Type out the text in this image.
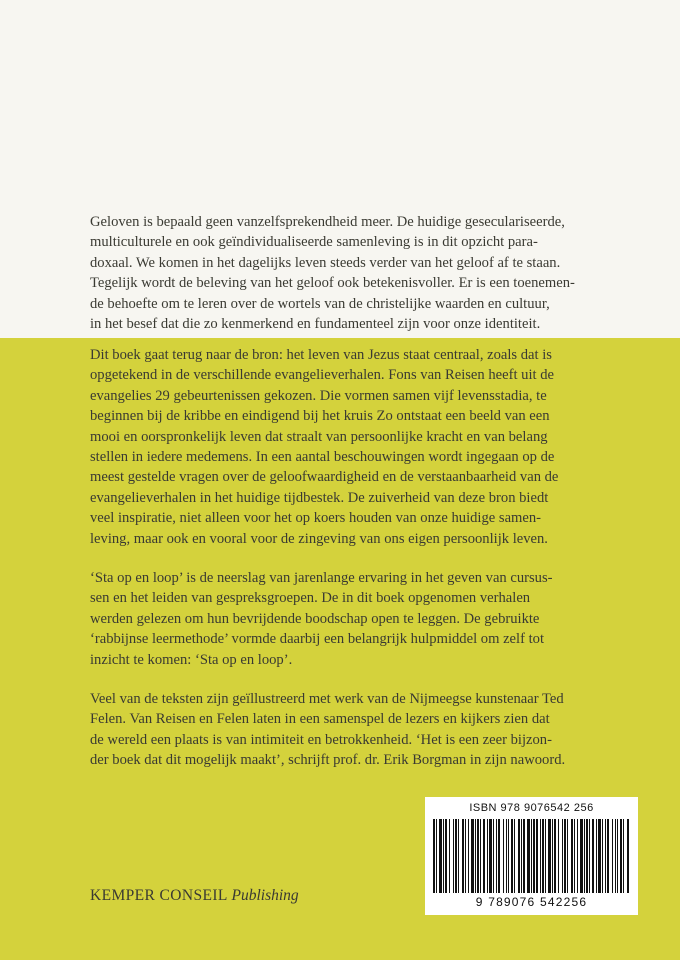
Geloven is bepaald geen vanzelfsprekendheid meer. De huidige geseculariseerde,
multiculturele en ook geïndividualiseerde samenleving is in dit opzicht para-
doxaal. We komen in het dagelijks leven steeds verder van het geloof af te staan.
Tegelijk wordt de beleving van het geloof ook betekenisvoller. Er is een toenemen-
de behoefte om te leren over de wortels van de christelijke waarden en cultuur,
in het besef dat die zo kenmerkend en fundamenteel zijn voor onze identiteit.

Dit boek gaat terug naar de bron: het leven van Jezus staat centraal, zoals dat is
opgetekend in de verschillende evangelieverhalen. Fons van Reisen heeft uit de
evangelies 29 gebeurtenissen gekozen. Die vormen samen vijf levensstadia, te
beginnen bij de kribbe en eindigend bij het kruis Zo ontstaat een beeld van een
mooi en oorspronkelijk leven dat straalt van persoonlijke kracht en van belang
stellen in iedere medemens. In een aantal beschouwingen wordt ingegaan op de
meest gestelde vragen over de geloofwaardigheid en de verstaanbaarheid van de
evangelieverhalen in het huidige tijdbestek. De zuiverheid van deze bron biedt
veel inspiratie, niet alleen voor het op koers houden van onze huidige samen-
leving, maar ook en vooral voor de zingeving van ons eigen persoonlijk leven.

‘Sta op en loop’ is de neerslag van jarenlange ervaring in het geven van cursus-
sen en het leiden van gespreksgroepen. De in dit boek opgenomen verhalen
werden gelezen om hun bevrijdende boodschap open te leggen. De gebruikte
‘rabbijnse leermethode’ vormde daarbij een belangrijk hulpmiddel om zelf tot
inzicht te komen: ‘Sta op en loop’.

Veel van de teksten zijn geïllustreerd met werk van de Nijmeegse kunstenaar Ted
Felen. Van Reisen en Felen laten in een samenspel de lezers en kijkers zien dat
de wereld een plaats is van intimiteit en betrokkenheid. ‘Het is een zeer bijzon-
der boek dat dit mogelijk maakt’, schrijft prof. dr. Erik Borgman in zijn nawoord.

ISBN 978 9076542 256
9 789076 542256
KEMPER CONSEIL Publishing
